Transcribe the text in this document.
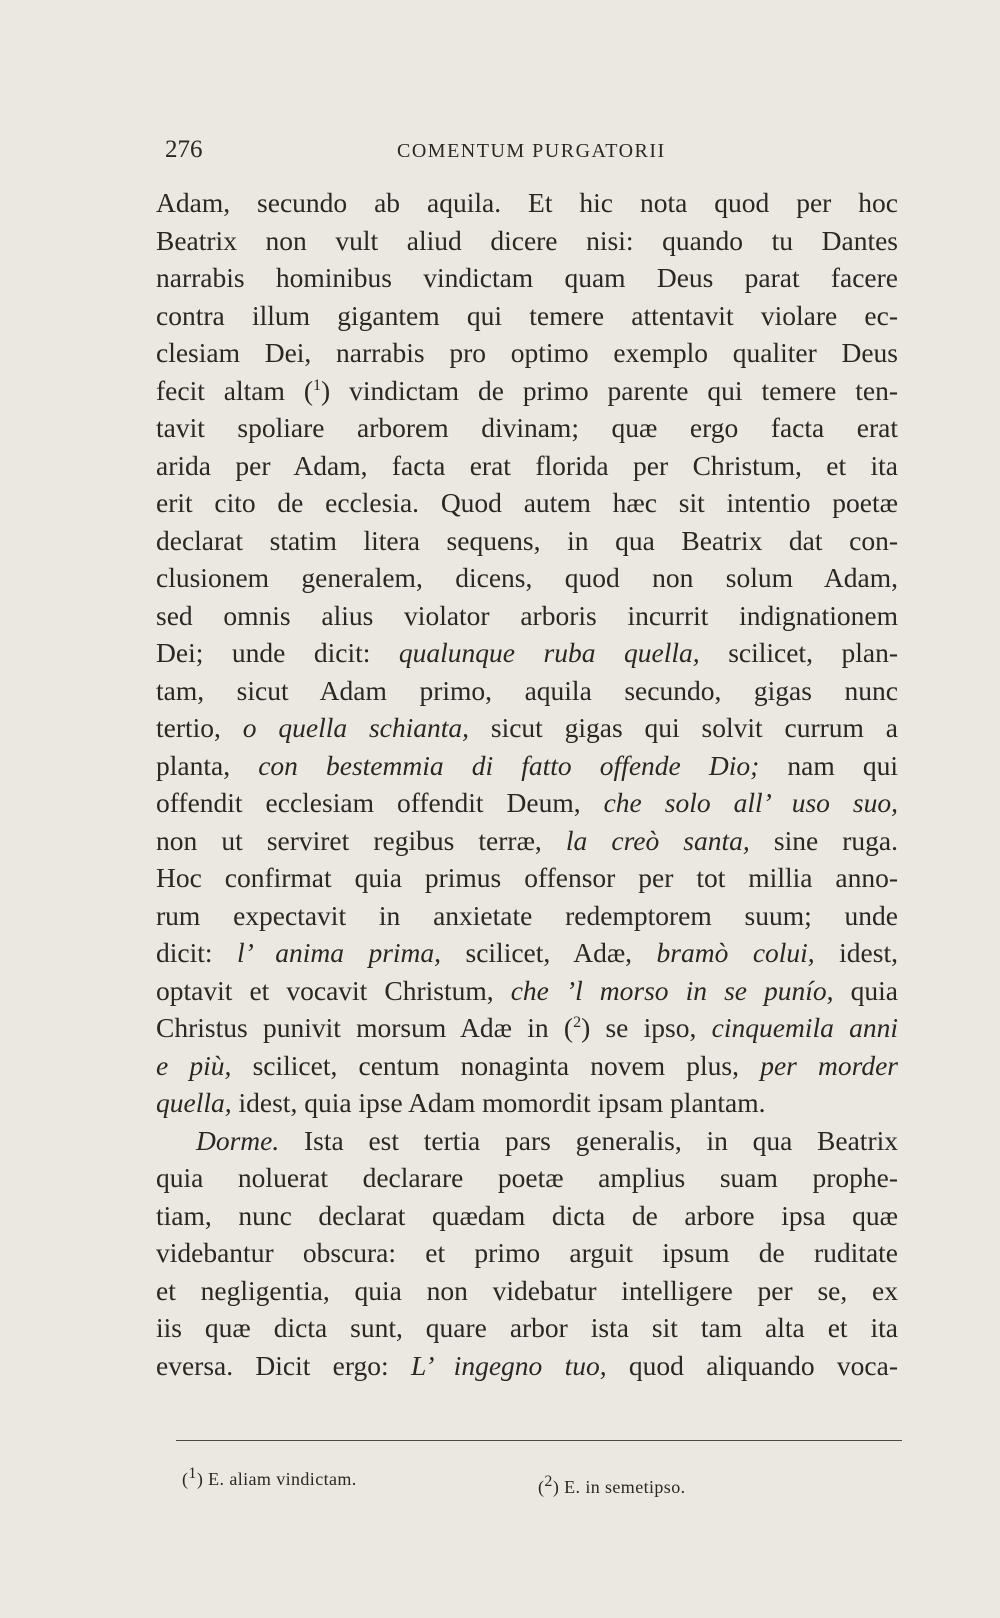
276	COMENTUM PURGATORII
Adam, secundo ab aquila. Et hic nota quod per hoc
Beatrix non vult aliud dicere nisi: quando tu Dantes
narrabis hominibus vindictam quam Deus parat facere
contra illum gigantem qui temere attentavit violare ec-
clesiam Dei, narrabis pro optimo exemplo qualiter Deus
fecit altam ($^1$) vindictam de primo parente qui temere ten-
tavit spoliare arborem divinam; quæ ergo facta erat
arida per Adam, facta erat florida per Christum, et ita
erit cito de ecclesia. Quod autem hæc sit intentio poetæ
declarat statim litera sequens, in qua Beatrix dat con-
clusionem generalem, dicens, quod non solum Adam,
sed omnis alius violator arboris incurrit indignationem
Dei; unde dicit: qualunque ruba quella, scilicet, plan-
tam, sicut Adam primo, aquila secundo, gigas nunc
tertio, o quella schianta, sicut gigas qui solvit currum a
planta, con bestemmia di fatto offende Dio; nam qui
offendit ecclesiam offendit Deum, che solo all’ uso suo,
non ut serviret regibus terræ, la creò santa, sine ruga.
Hoc confirmat quia primus offensor per tot millia anno-
rum expectavit in anxietate redemptorem suum; unde
dicit: l’ anima prima, scilicet, Adæ, bramò colui, idest,
optavit et vocavit Christum, che ’l morso in se punío, quia
Christus punivit morsum Adæ in ($^2$) se ipso, cinquemila anni
e più, scilicet, centum nonaginta novem plus, per morder
quella, idest, quia ipse Adam momordit ipsam plantam.
Dorme. Ista est tertia pars generalis, in qua Beatrix
quia noluerat declarare poetæ amplius suam prophe-
tiam, nunc declarat quædam dicta de arbore ipsa quæ
videbantur obscura: et primo arguit ipsum de ruditate
et negligentia, quia non videbatur intelligere per se, ex
iis quæ dicta sunt, quare arbor ista sit tam alta et ita
eversa. Dicit ergo: L’ ingegno tuo, quod aliquando voca-
($^1$) E. aliam vindictam.	($^2$) E. in semetipso.
